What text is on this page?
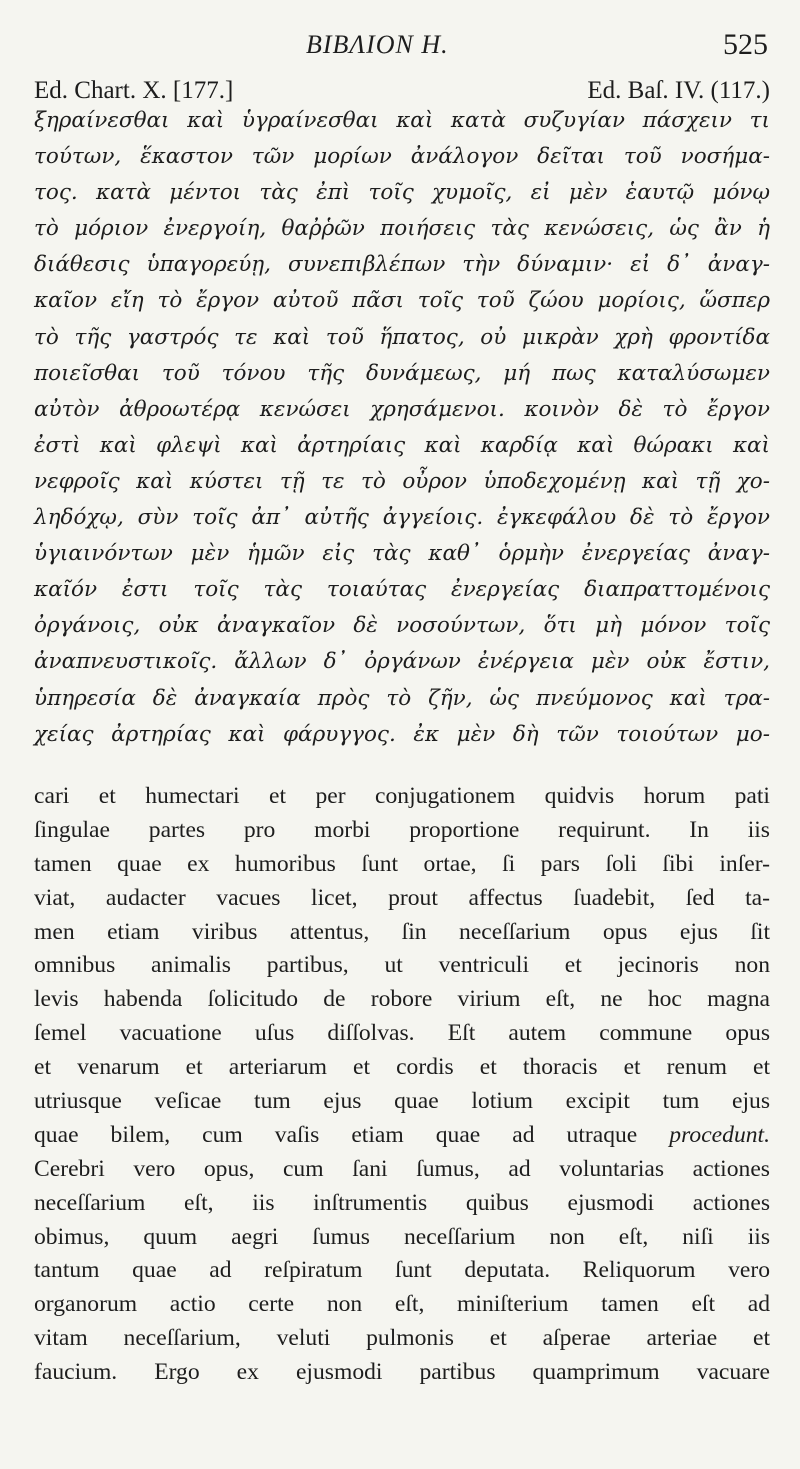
BIBΛΙΟΝ H.	525
Ed. Chart. X. [177.]	Ed. Baſ. IV. (117.)
ξηραίνεσθαι καὶ ὑγραίνεσθαι καὶ κατὰ συζυγίαν πάσχειν τι
τούτων, ἕκαστον τῶν μορίων ἀνάλογον δεῖται τοῦ νοσήμα-
τος. κατὰ μέντοι τὰς ἐπὶ τοῖς χυμοῖς, εἰ μὲν ἑαυτῷ μόνῳ
τὸ μόριον ἐνεργοίη, θαῤῥῶν ποιήσεις τὰς κενώσεις, ὡς ἂν ἡ
διάθεσις ὑπαγορεύῃ, συνεπιβλέπων τὴν δύναμιν· εἰ δ᾽ ἀναγ-
καῖον εἴη τὸ ἔργον αὐτοῦ πᾶσι τοῖς τοῦ ζώου μορίοις, ὥσπερ
τὸ τῆς γαστρός τε καὶ τοῦ ἥπατος, οὐ μικρὰν χρὴ φροντίδα
ποιεῖσθαι τοῦ τόνου τῆς δυνάμεως, μή πως καταλύσωμεν
αὐτὸν ἀθροωτέρᾳ κενώσει χρησάμενοι. κοινὸν δὲ τὸ ἔργον
ἐστὶ καὶ φλεψὶ καὶ ἀρτηρίαις καὶ καρδίᾳ καὶ θώρακι καὶ
νεφροῖς καὶ κύστει τῇ τε τὸ οὖρον ὑποδεχομένῃ καὶ τῇ χο-
ληδόχῳ, σὺν τοῖς ἀπ᾽ αὐτῆς ἀγγείοις. ἐγκεφάλου δὲ τὸ ἔργον
ὑγιαινόντων μὲν ἡμῶν εἰς τὰς καθ᾽ ὁρμὴν ἐνεργείας ἀναγ-
καῖόν ἐστι τοῖς τὰς τοιαύτας ἐνεργείας διαπραττομένοις
ὀργάνοις, οὐκ ἀναγκαῖον δὲ νοσούντων, ὅτι μὴ μόνον τοῖς
ἀναπνευστικοῖς. ἄλλων δ᾽ ὀργάνων ἐνέργεια μὲν οὐκ ἔστιν,
ὑπηρεσία δὲ ἀναγκαία πρὸς τὸ ζῆν, ὡς πνεύμονος καὶ τρα-
χείας ἀρτηρίας καὶ φάρυγγος. ἐκ μὲν δὴ τῶν τοιούτων μο-
cari et humectari et per conjugationem quidvis horum pati
ſingulae partes pro morbi proportione requirunt. In iis
tamen quae ex humoribus ſunt ortae, ſi pars ſoli ſibi inſer-
viat, audacter vacues licet, prout affectus ſuadebit, ſed ta-
men etiam viribus attentus, ſin neceſſarium opus ejus ſit
omnibus animalis partibus, ut ventriculi et jecinoris non
levis habenda ſolicitudo de robore virium eſt, ne hoc magna
ſemel vacuatione uſus diſſolvas. Eſt autem commune opus
et venarum et arteriarum et cordis et thoracis et renum et
utriusque veſicae tum ejus quae lotium excipit tum ejus
quae bilem, cum vaſis etiam quae ad utraque procedunt.
Cerebri vero opus, cum ſani ſumus, ad voluntarias actiones
neceſſarium eſt, iis inſtrumentis quibus ejusmodi actiones
obimus, quum aegri ſumus neceſſarium non eſt, niſi iis
tantum quae ad reſpiratum ſunt deputata. Reliquorum vero
organorum actio certe non eſt, miniſterium tamen eſt ad
vitam neceſſarium, veluti pulmonis et aſperae arteriae et
faucium. Ergo ex ejusmodi partibus quamprimum vacuare
